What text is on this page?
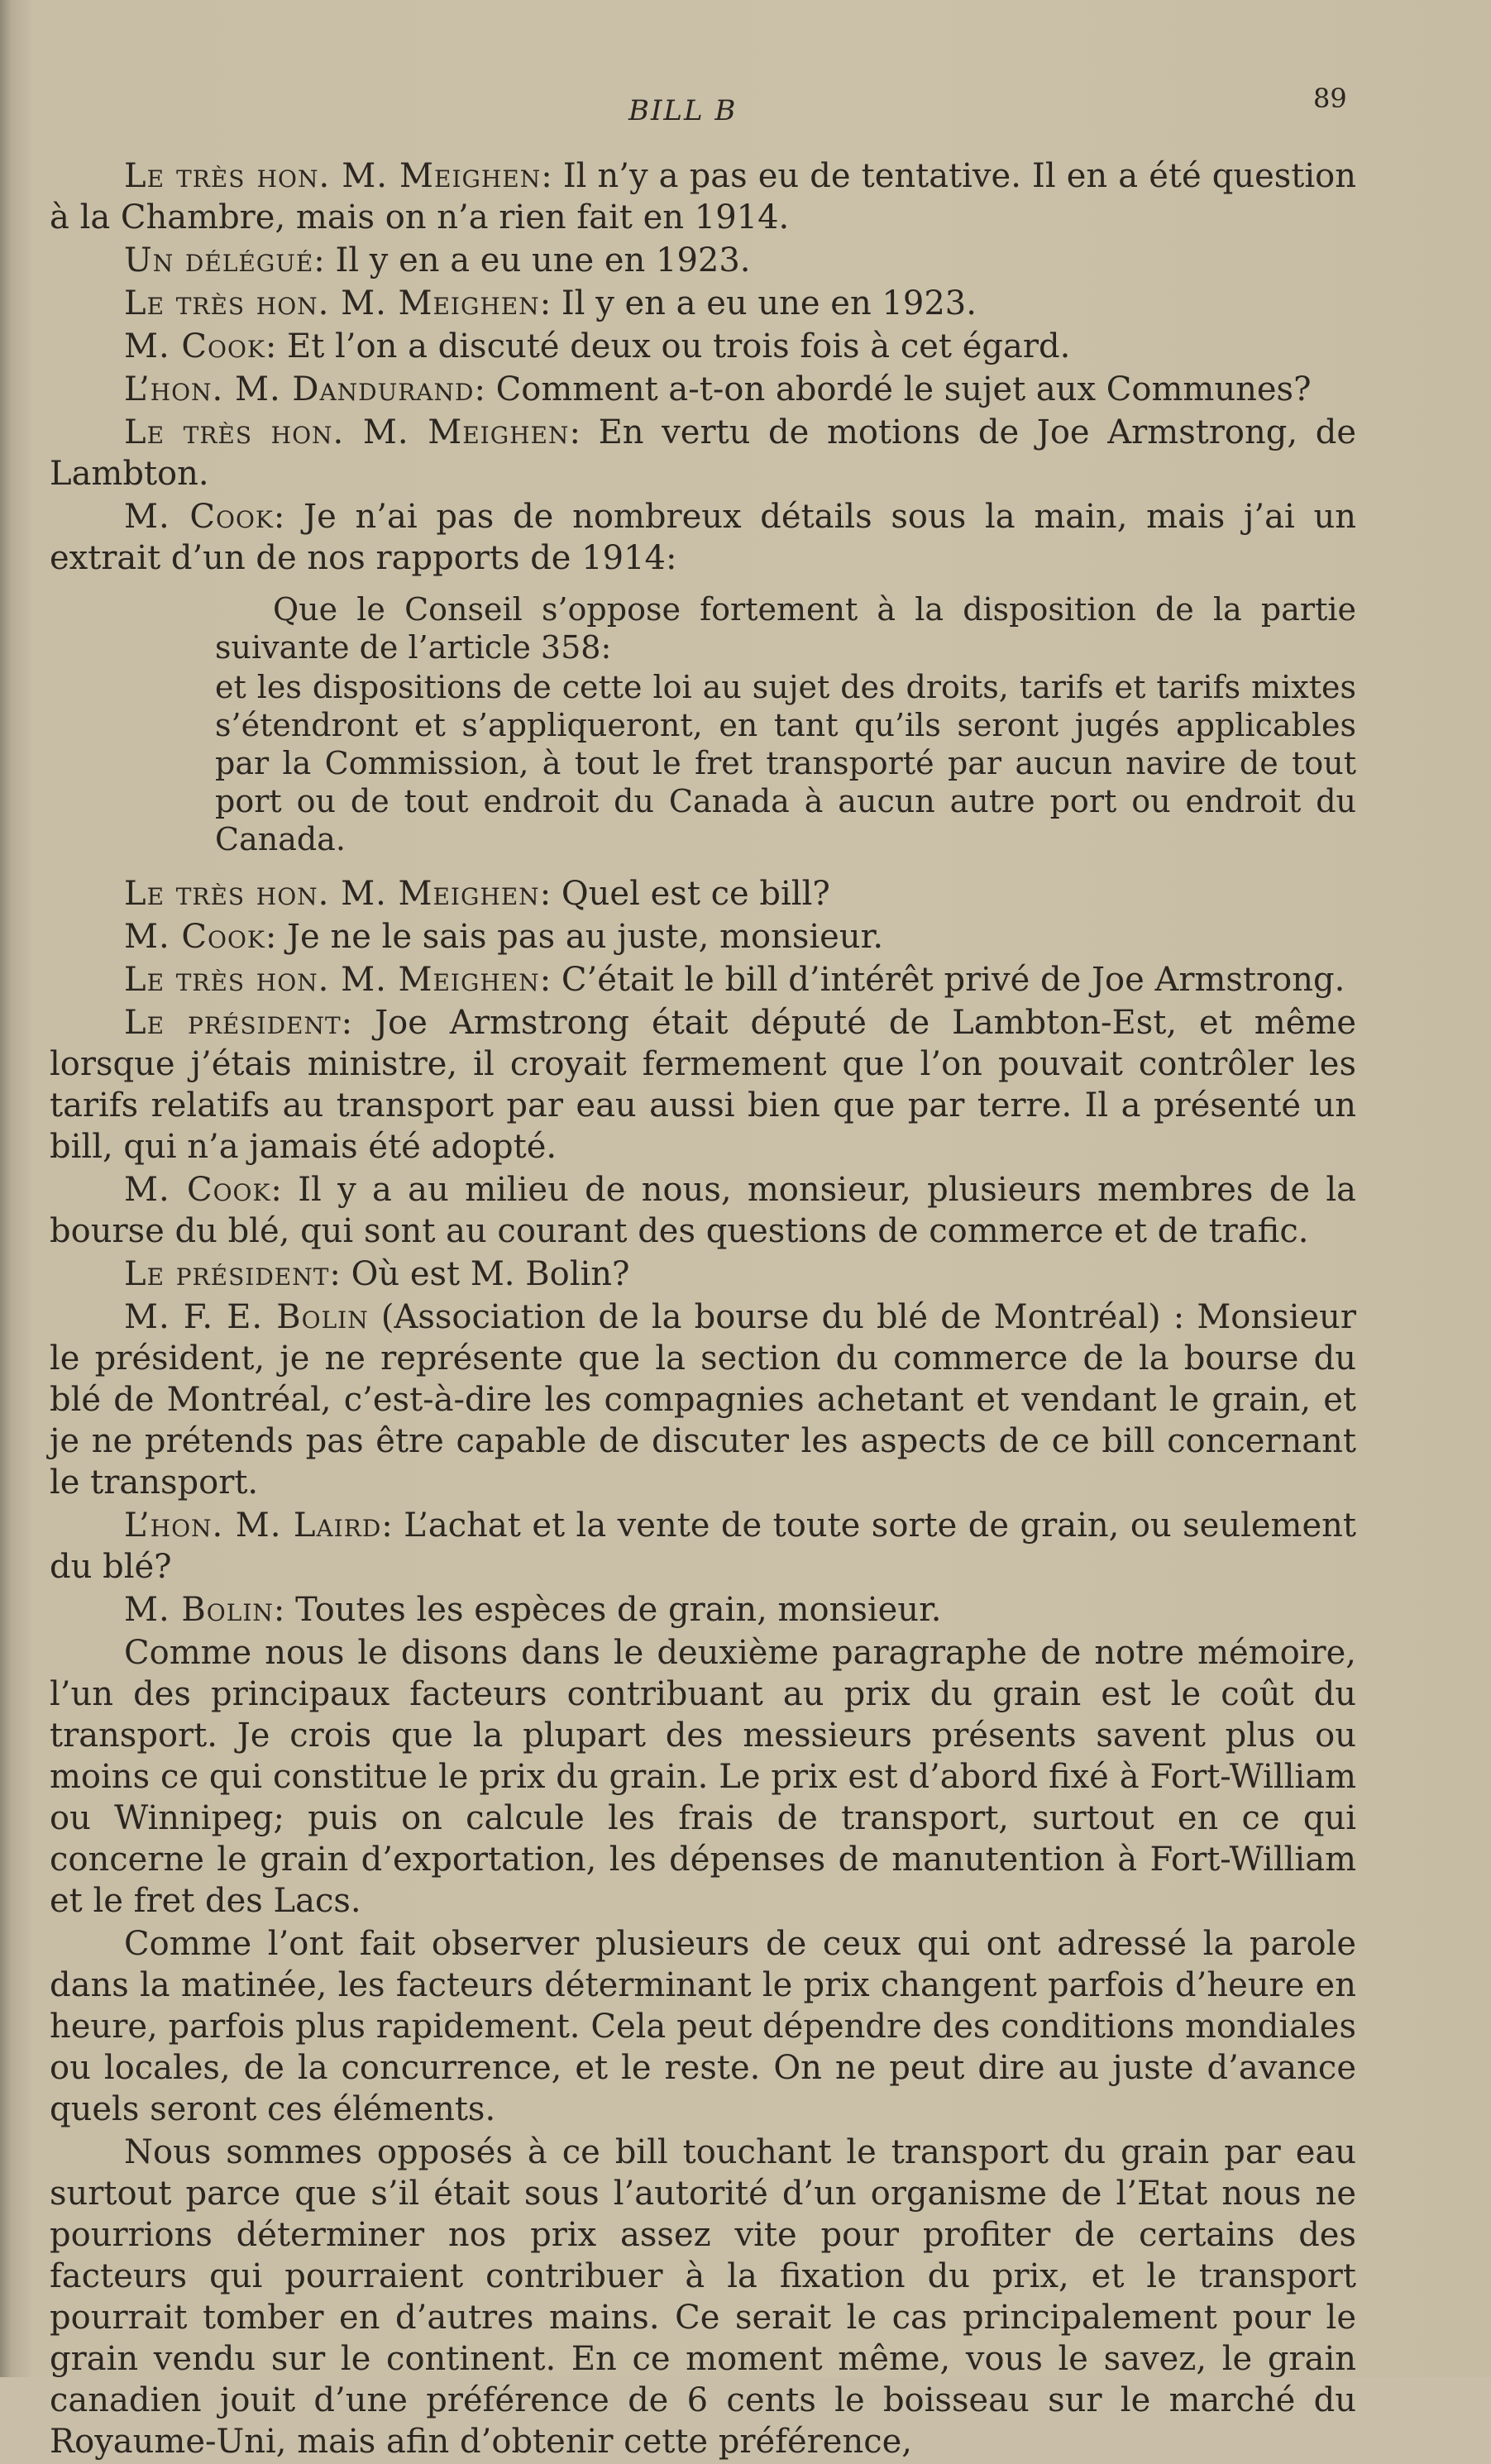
BILL B	89

Le très hon. M. Meighen: Il n’y a pas eu de tentative. Il en a été question à la Chambre, mais on n’a rien fait en 1914.

Un délégué: Il y en a eu une en 1923.

Le très hon. M. Meighen: Il y en a eu une en 1923.

M. Cook: Et l’on a discuté deux ou trois fois à cet égard.

L’hon. M. Dandurand: Comment a-t-on abordé le sujet aux Communes?

Le très hon. M. Meighen: En vertu de motions de Joe Armstrong, de Lambton.

M. Cook: Je n’ai pas de nombreux détails sous la main, mais j’ai un extrait d’un de nos rapports de 1914:

Que le Conseil s’oppose fortement à la disposition de la partie suivante de l’article 358:

et les dispositions de cette loi au sujet des droits, tarifs et tarifs mixtes s’étendront et s’appliqueront, en tant qu’ils seront jugés applicables par la Commission, à tout le fret transporté par aucun navire de tout port ou de tout endroit du Canada à aucun autre port ou endroit du Canada.

Le très hon. M. Meighen: Quel est ce bill?

M. Cook: Je ne le sais pas au juste, monsieur.

Le très hon. M. Meighen: C’était le bill d’intérêt privé de Joe Armstrong.

Le président: Joe Armstrong était député de Lambton-Est, et même lorsque j’étais ministre, il croyait fermement que l’on pouvait contrôler les tarifs relatifs au transport par eau aussi bien que par terre. Il a présenté un bill, qui n’a jamais été adopté.

M. Cook: Il y a au milieu de nous, monsieur, plusieurs membres de la bourse du blé, qui sont au courant des questions de commerce et de trafic.

Le président: Où est M. Bolin?

M. F. E. Bolin (Association de la bourse du blé de Montréal) : Monsieur le président, je ne représente que la section du commerce de la bourse du blé de Montréal, c’est-à-dire les compagnies achetant et vendant le grain, et je ne prétends pas être capable de discuter les aspects de ce bill concernant le transport.

L’hon. M. Laird: L’achat et la vente de toute sorte de grain, ou seulement du blé?

M. Bolin: Toutes les espèces de grain, monsieur.

Comme nous le disons dans le deuxième paragraphe de notre mémoire, l’un des principaux facteurs contribuant au prix du grain est le coût du transport. Je crois que la plupart des messieurs présents savent plus ou moins ce qui constitue le prix du grain. Le prix est d’abord fixé à Fort-William ou Winnipeg; puis on calcule les frais de transport, surtout en ce qui concerne le grain d’exportation, les dépenses de manutention à Fort-William et le fret des Lacs.

Comme l’ont fait observer plusieurs de ceux qui ont adressé la parole dans la matinée, les facteurs déterminant le prix changent parfois d’heure en heure, parfois plus rapidement. Cela peut dépendre des conditions mondiales ou locales, de la concurrence, et le reste. On ne peut dire au juste d’avance quels seront ces éléments.

Nous sommes opposés à ce bill touchant le transport du grain par eau surtout parce que s’il était sous l’autorité d’un organisme de l’Etat nous ne pourrions déterminer nos prix assez vite pour profiter de certains des facteurs qui pourraient contribuer à la fixation du prix, et le transport pourrait tomber en d’autres mains. Ce serait le cas principalement pour le grain vendu sur le continent. En ce moment même, vous le savez, le grain canadien jouit d’une préférence de 6 cents le boisseau sur le marché du Royaume-Uni, mais afin d’obtenir cette préférence,
